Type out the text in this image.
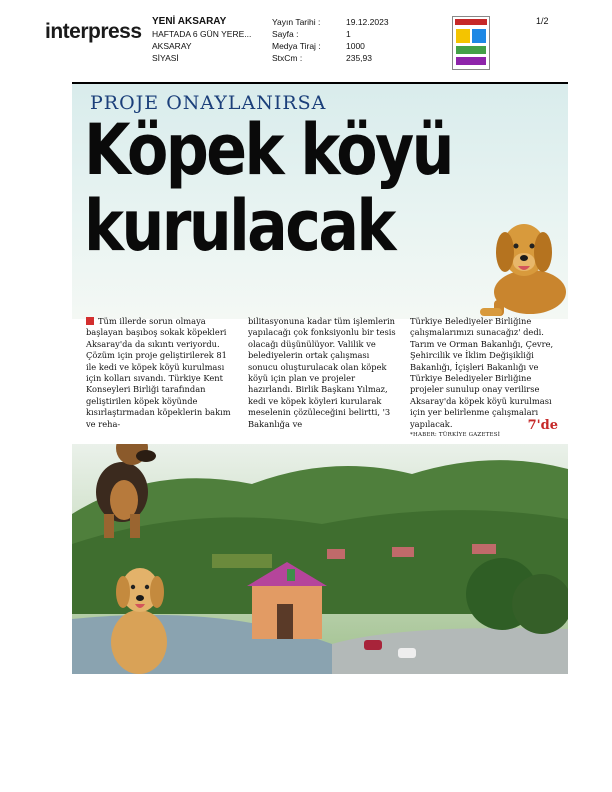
interpress YENİ AKSARAY
HAFTADA 6 GÜN YERE...
AKSARAY
SİYASİ
Yayın Tarihi :
Sayfa :
Medya Tiraj :
StxCm :
19.12.2023
1
1000
235,93
1/2
PROJE ONAYLANIRSA
Köpek köyü
kurulacak
Tüm illerde sorun olmaya başlayan başıboş sokak köpekleri Aksaray'da da sıkıntı veriyordu. Çözüm için proje geliştirilerek 81 ile kedi ve köpek köyü kurulması için kolları sıvandı. Türkiye Kent Konseyleri Birliği tarafından geliştirilen köpek köyünde kısırlaştırmadan köpeklerin bakım ve reha-
bilitasyonuna kadar tüm işlemlerin yapılacağı çok fonksiyonlu bir tesis olacağı düşünülüyor. Valilik ve belediyelerin ortak çalışması sonucu oluşturulacak olan köpek köyü için plan ve projeler hazırlandı. Birlik Başkanı Yılmaz, kedi ve köpek köyleri kurularak meselenin çözüleceğini belirtti, '3 Bakanlığa ve
Türkiye Belediyeler Birliğine çalışmalarımızı sunacağız' dedi. Tarım ve Orman Bakanlığı, Çevre, Şehircilik ve İklim Değişikliği Bakanlığı, İçişleri Bakanlığı ve Türkiye Belediyeler Birliğine projeler sunulup onay verilirse Aksaray'da köpek köyü kurulması için yer belirlenme çalışmaları yapılacak.
*HABER: TÜRKİYE GAZETESİ
7'de
